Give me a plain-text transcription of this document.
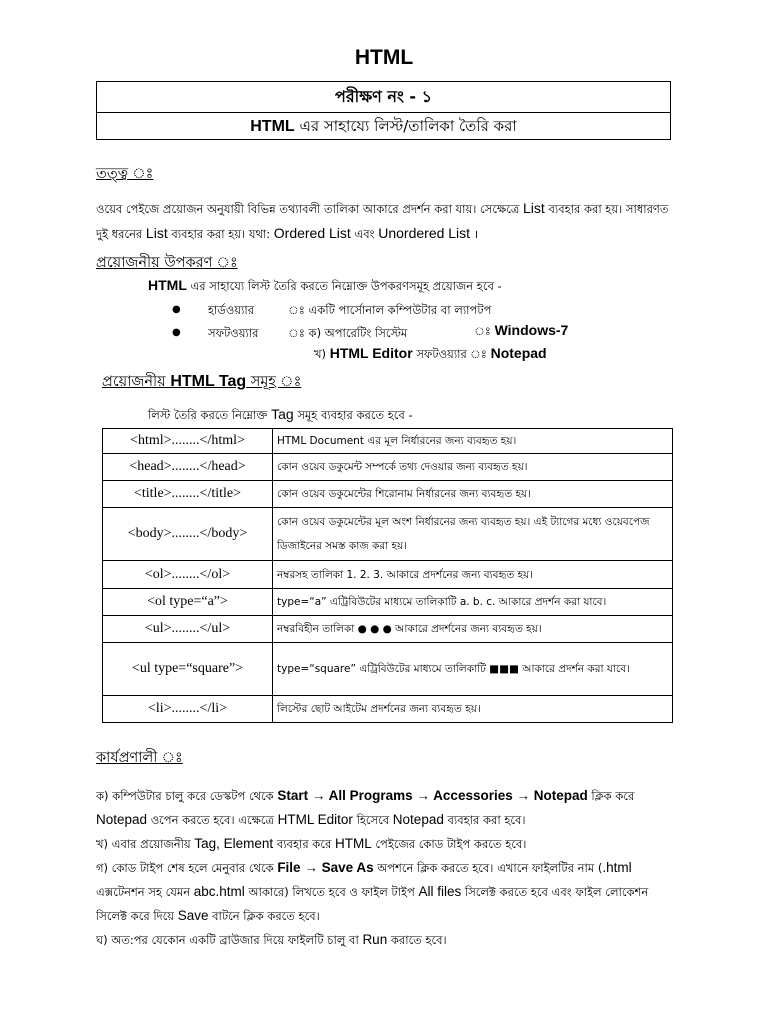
HTML
পরীক্ষণ নং - ১
HTML এর সাহায্যে লিস্ট/তালিকা তৈরি করা
তত্ত্ব ঃ
ওয়েব পেইজে প্রয়োজন অনুযায়ী বিভিন্ন তথ্যাবলী তালিকা আকারে প্রদর্শন করা যায়। সেক্ষেত্রে List ব্যবহার করা হয়। সাধারণত দুই ধরনের List ব্যবহার করা হয়। যথা: Ordered List এবং Unordered List ।
প্রয়োজনীয় উপকরণ ঃ
HTML এর সাহায্যে লিস্ট তৈরি করতে নিম্নোক্ত উপকরণসমূহ প্রয়োজন হবে -
● হার্ডওয়্যার	ঃ একটি পার্সোনাল কম্পিউটার বা ল্যাপটপ
● সফটওয়্যার	ঃ ক) অপারেটিং সিস্টেম	ঃ Windows-7
খ) HTML Editor সফটওয়্যার Notepad
প্রয়োজনীয় HTML Tag সমূহ ঃ
লিস্ট তৈরি করতে নিম্নোক্ত Tag সমূহ ব্যবহার করতে হবে -
<html>........</html>	HTML Document এর মূল নির্ধারনের জন্য ব্যবহৃত হয়।
<head>........</head>	কোন ওয়েব ডকুমেন্ট সম্পর্কে তথ্য দেওয়ার জন্য ব্যবহৃত হয়।
<title>........</title>	কোন ওয়েব ডকুমেন্টের শিরোনাম নির্ধারনের জন্য ব্যবহৃত হয়।
<body>........</body>	কোন ওয়েব ডকুমেন্টের মূল অংশ নির্ধারনের জন্য ব্যবহৃত হয়। এই ট্যাগের মধ্যে ওয়েবপেজ ডিজাইনের সমস্ত কাজ করা হয়।
<ol>........</ol>	নম্বরসহ তালিকা 1. 2. 3. আকারে প্রদর্শনের জন্য ব্যবহৃত হয়।
<ol type=“a”>	type=“a” এট্রিবিউটের মাধ্যমে তালিকাটি a. b. c. আকারে প্রদর্শন করা যাবে।
<ul>........</ul>	নম্বরবিহীন তালিকা ● ● ● আকারে প্রদর্শনের জন্য ব্যবহৃত হয়।
<ul type=“square”>	type=“square” এট্রিবিউটের মাধ্যমে তালিকাটি ■■■ আকারে প্রদর্শন করা যাবে।
<li>........</li>	লিস্টের ছোট আইটেম প্রদর্শনের জন্য ব্যবহৃত হয়।
কার্যপ্রণালী ঃ
ক) কম্পিউটার চালু করে ডেস্কটপ থেকে Start → All Programs → Accessories → Notepad ক্লিক করে Notepad ওপেন করতে হবে। এক্ষেত্রে HTML Editor হিসেবে Notepad ব্যবহার করা হবে।
খ) এবার প্রয়োজনীয় Tag, Element ব্যবহার করে HTML পেইজের কোড টাইপ করতে হবে।
গ) কোড টাইপ শেষ হলে মেনুবার থেকে File → Save As অপশনে ক্লিক করতে হবে। এখানে ফাইলটির নাম (.html এক্সটেনশন সহ যেমন abc.html আকারে) লিখতে হবে ও ফাইল টাইপ All files সিলেক্ট করতে হবে এবং ফাইল লোকেশন সিলেক্ট করে দিয়ে Save বাটনে ক্লিক করতে হবে।
ঘ) অত:পর যেকোন একটি ব্রাউজার দিয়ে ফাইলটি চালু বা Run করাতে হবে।
